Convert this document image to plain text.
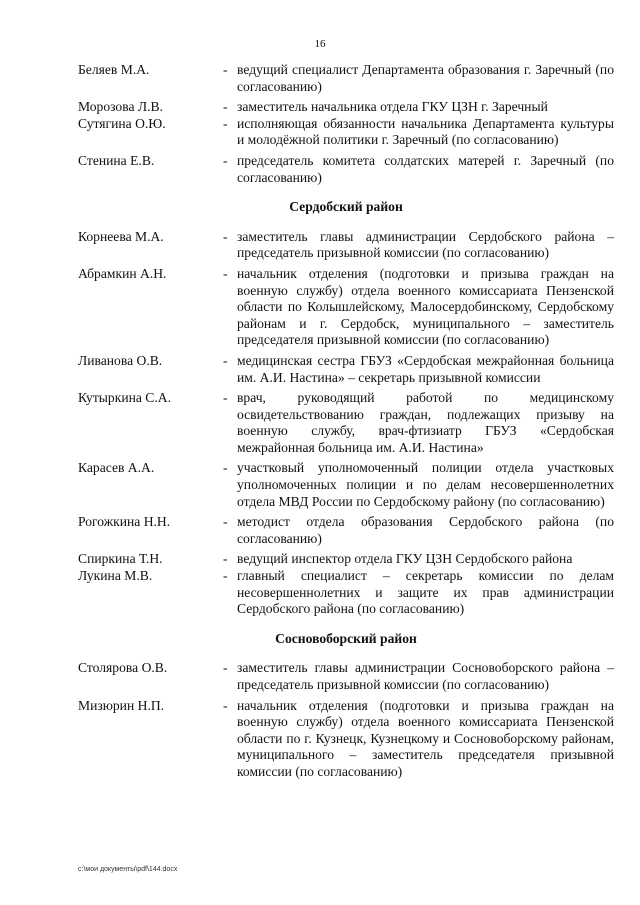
16
Беляев М.А.	- ведущий специалист Департамента образования г. Заречный (по согласованию)
Морозова Л.В.	- заместитель начальника отдела ГКУ ЦЗН г. Заречный
Сутягина О.Ю.	- исполняющая обязанности начальника Департамента культуры и молодёжной политики г. Заречный (по согласованию)
Стенина Е.В.	- председатель комитета солдатских матерей г. Заречный (по согласованию)
Сердобский район
Корнеева М.А.	- заместитель главы администрации Сердобского района – председатель призывной комиссии (по согласованию)
Абрамкин А.Н.	- начальник отделения (подготовки и призыва граждан на военную службу) отдела военного комиссариата Пензенской области по Колышлейскому, Малосердобинскому, Сердобскому районам и г. Сердобск, муниципального – заместитель председателя призывной комиссии (по согласованию)
Ливанова О.В.	- медицинская сестра ГБУЗ «Сердобская межрайонная больница им. А.И. Настина» – секретарь призывной комиссии
Кутыркина С.А.	- врач, руководящий работой по медицинскому освидетельствованию граждан, подлежащих призыву на военную службу, врач-фтизиатр ГБУЗ «Сердобская межрайонная больница им. А.И. Настина»
Карасев А.А.	- участковый уполномоченный полиции отдела участковых уполномоченных полиции и по делам несовершеннолетних отдела МВД России по Сердобскому району (по согласованию)
Рогожкина Н.Н.	- методист отдела образования Сердобского района (по согласованию)
Спиркина Т.Н.	- ведущий инспектор отдела ГКУ ЦЗН Сердобского района
Лукина М.В.	- главный специалист – секретарь комиссии по делам несовершеннолетних и защите их прав администрации Сердобского района (по согласованию)
Сосновоборский район
Столярова О.В.	- заместитель главы администрации Сосновоборского района – председатель призывной комиссии (по согласованию)
Мизюрин Н.П.	- начальник отделения (подготовки и призыва граждан на военную службу) отдела военного комиссариата Пензенской области по г. Кузнецк, Кузнецкому и Сосновоборскому районам, муниципального – заместитель председателя призывной комиссии (по согласованию)
c:\мои документы\pdf\144.docx
